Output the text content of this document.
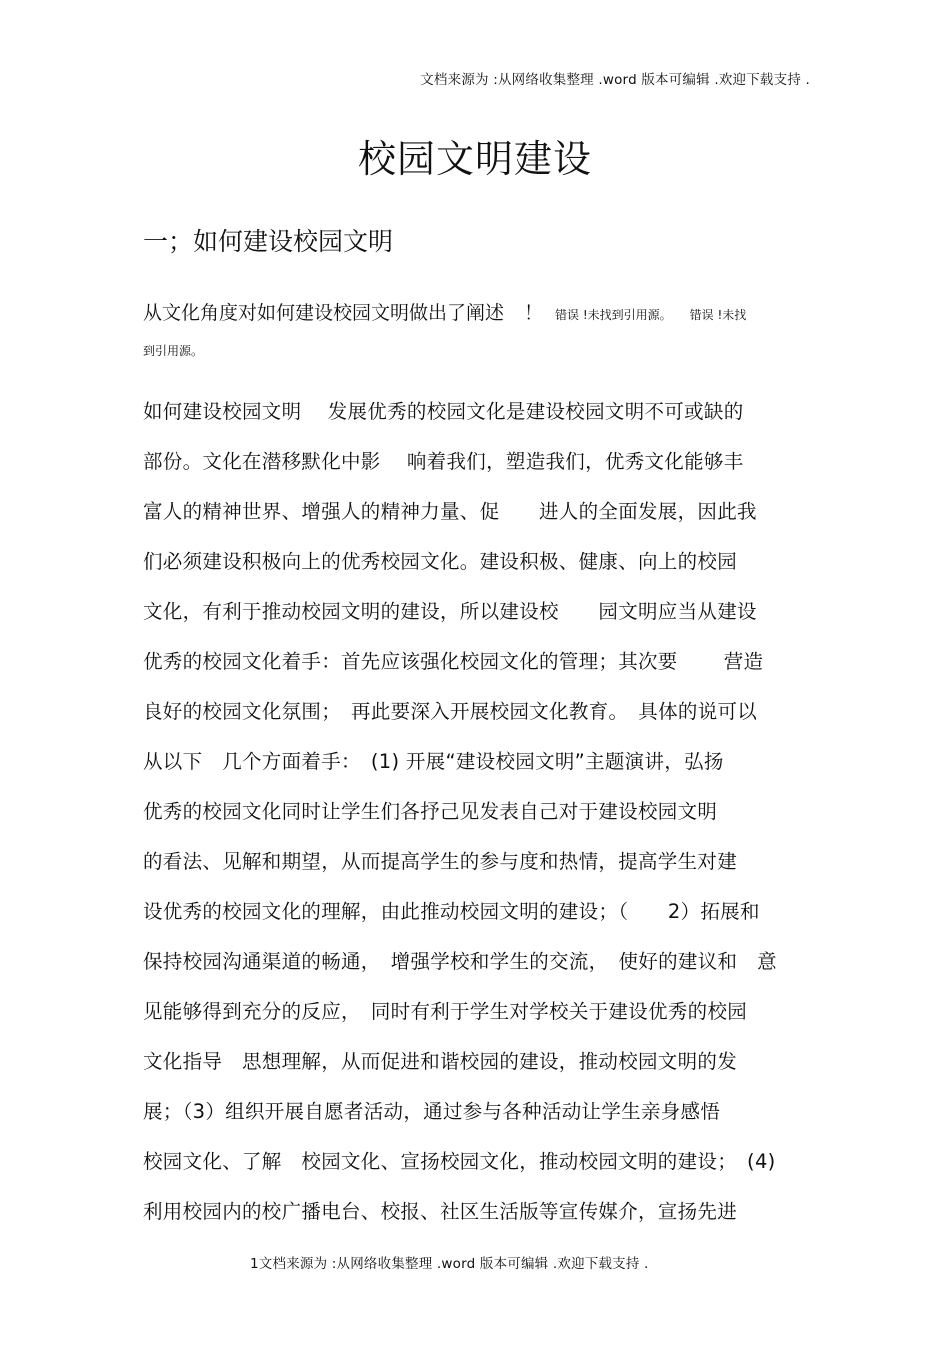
文档来源为 :从网络收集整理 .word 版本可编辑 .欢迎下载支持 .
校园文明建设
一；如何建设校园文明
从文化角度对如何建设校园文明做出了阐述 ！ 错误 !未找到引用源。 错误 !未找
到引用源。
如何建设校园文明　 发展优秀的校园文化是建设校园文明不可或缺的
部份。文化在潜移默化中影　 响着我们，塑造我们，优秀文化能够丰
富人的精神世界、增强人的精神力量、促　　进人的全面发展，因此我
们必须建设积极向上的优秀校园文化。建设积极、健康、向上的校园
文化，有利于推动校园文明的建设，所以建设校　　园文明应当从建设
优秀的校园文化着手：首先应该强化校园文化的管理；其次要　　 营造
良好的校园文化氛围；　再此要深入开展校园文化教育。　具体的说可以
从以下　几个方面着手：　(1) 开展“建设校园文明”主题演讲，弘扬
优秀的校园文化同时让学生们各抒己见发表自己对于建设校园文明
的看法、见解和期望，从而提高学生的参与度和热情，提高学生对建
设优秀的校园文化的理解，由此推动校园文明的建设；（　　2）拓展和
保持校园沟通渠道的畅通，　增强学校和学生的交流，　使好的建议和　意
见能够得到充分的反应，　同时有利于学生对学校关于建设优秀的校园
文化指导　思想理解，从而促进和谐校园的建设，推动校园文明的发
展；（3）组织开展自愿者活动，通过参与各种活动让学生亲身感悟
校园文化、了解　校园文化、宣扬校园文化，推动校园文明的建设；　(4)
利用校园内的校广播电台、校报、社区生活版等宣传媒介，宣扬先进
1文档来源为 :从网络收集整理 .word 版本可编辑 .欢迎下载支持 .
